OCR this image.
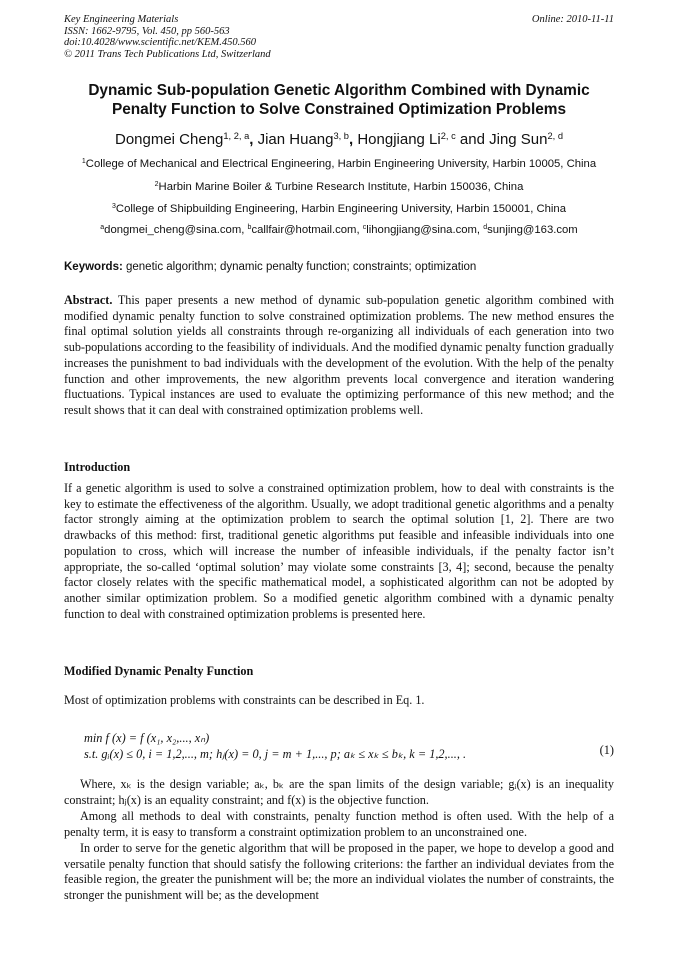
Key Engineering Materials
ISSN: 1662-9795, Vol. 450, pp 560-563
doi:10.4028/www.scientific.net/KEM.450.560
© 2011 Trans Tech Publications Ltd, Switzerland
Online: 2010-11-11
Dynamic Sub-population Genetic Algorithm Combined with Dynamic
Penalty Function to Solve Constrained Optimization Problems
Dongmei Cheng$^{1, 2, a}$, Jian Huang$^{3, b}$, Hongjiang Li$^{2, c}$ and Jing Sun$^{2, d}$
$^1$College of Mechanical and Electrical Engineering, Harbin Engineering University, Harbin 10005, China
$^2$Harbin Marine Boiler & Turbine Research Institute, Harbin 150036, China
$^3$College of Shipbuilding Engineering, Harbin Engineering University, Harbin 150001, China
$^a$dongmei_cheng@sina.com, $^b$callfair@hotmail.com, $^c$lihongjiang@sina.com, $^d$sunjing@163.com
Keywords: genetic algorithm; dynamic penalty function; constraints; optimization
Abstract. This paper presents a new method of dynamic sub-population genetic algorithm combined with modified dynamic penalty function to solve constrained optimization problems. The new method ensures the final optimal solution yields all constraints through re-organizing all individuals of each generation into two sub-populations according to the feasibility of individuals. And the modified dynamic penalty function gradually increases the punishment to bad individuals with the development of the evolution. With the help of the penalty function and other improvements, the new algorithm prevents local convergence and iteration wandering fluctuations. Typical instances are used to evaluate the optimizing performance of this new method; and the result shows that it can deal with constrained optimization problems well.
Introduction
If a genetic algorithm is used to solve a constrained optimization problem, how to deal with constraints is the key to estimate the effectiveness of the algorithm. Usually, we adopt traditional genetic algorithms and a penalty factor strongly aiming at the optimization problem to search the optimal solution [1, 2]. There are two drawbacks of this method: first, traditional genetic algorithms put feasible and infeasible individuals into one population to cross, which will increase the number of infeasible individuals, if the penalty factor isn’t appropriate, the so-called ‘optimal solution’ may violate some constraints [3, 4]; second, because the penalty factor closely relates with the specific mathematical model, a sophisticated algorithm can not be adopted by another similar optimization problem. So a modified genetic algorithm combined with a dynamic penalty function to deal with constrained optimization problems is presented here.
Modified Dynamic Penalty Function
Most of optimization problems with constraints can be described in Eq. 1.
min f (x) = f (x₁, x₂,..., xₙ)
s.t. gᵢ(x) ≤ 0, i = 1,2,..., m; hⱼ(x) = 0, j = m + 1,..., p; aₖ ≤ xₖ ≤ bₖ, k = 1,2,..., .	(1)
Where, xₖ is the design variable; aₖ, bₖ are the span limits of the design variable; gᵢ(x) is an inequality constraint; hⱼ(x) is an equality constraint; and f(x) is the objective function.
Among all methods to deal with constraints, penalty function method is often used. With the help of a penalty term, it is easy to transform a constraint optimization problem to an unconstrained one.
In order to serve for the genetic algorithm that will be proposed in the paper, we hope to develop a good and versatile penalty function that should satisfy the following criterions: the farther an individual deviates from the feasible region, the greater the punishment will be; the more an individual violates the number of constraints, the stronger the punishment will be; as the development
